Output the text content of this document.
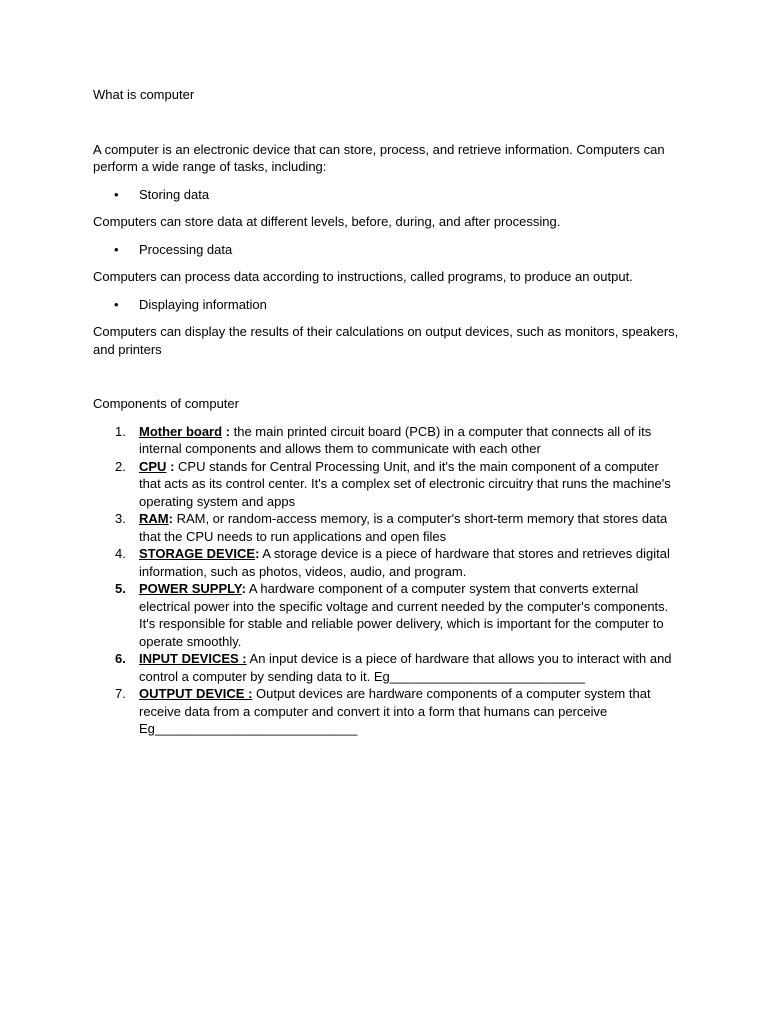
What is computer

A computer is an electronic device that can store, process, and retrieve information. Computers can perform a wide range of tasks, including:

• Storing data

Computers can store data at different levels, before, during, and after processing.

• Processing data

Computers can process data according to instructions, called programs, to produce an output.

• Displaying information

Computers can display the results of their calculations on output devices, such as monitors, speakers, and printers

Components of computer

1. Mother board : the main printed circuit board (PCB) in a computer that connects all of its internal components and allows them to communicate with each other
2. CPU : CPU stands for Central Processing Unit, and it's the main component of a computer that acts as its control center. It's a complex set of electronic circuitry that runs the machine's operating system and apps
3. RAM: RAM, or random-access memory, is a computer's short-term memory that stores data that the CPU needs to run applications and open files
4. STORAGE DEVICE: A storage device is a piece of hardware that stores and retrieves digital information, such as photos, videos, audio, and program.
5. POWER SUPPLY: A hardware component of a computer system that converts external electrical power into the specific voltage and current needed by the computer's components. It's responsible for stable and reliable power delivery, which is important for the computer to operate smoothly.
6. INPUT DEVICES : An input device is a piece of hardware that allows you to interact with and control a computer by sending data to it. Eg___________________________
7. OUTPUT DEVICE : Output devices are hardware components of a computer system that receive data from a computer and convert it into a form that humans can perceive Eg____________________________
